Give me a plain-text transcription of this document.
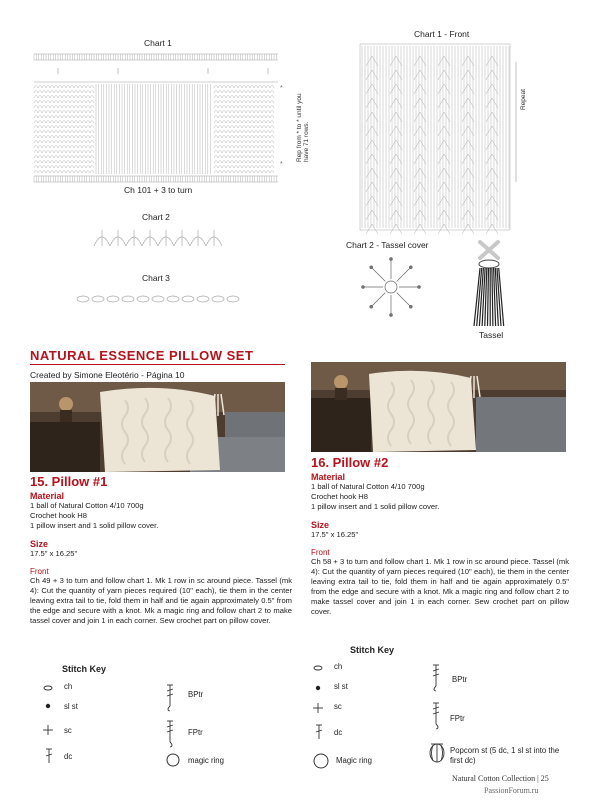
Chart 1
*
*
Rep from * to * until you have 71 rows.
Ch 101 + 3 to turn
Chart 2
Chart 3
Chart 1 - Front
Repeat
Chart 2 - Tassel cover
Tassel
NATURAL ESSENCE PILLOW SET
Created by Simone Eleotério - Página 10
15. Pillow #1
Material
1 ball of Natural Cotton 4/10 700g
Crochet hook H8
1 pillow insert and 1 solid pillow cover.
Size
17.5" x 16.25"
Front
Ch 49 + 3 to turn and follow chart 1. Mk 1 row in sc around piece. Tassel (mk 4): Cut the quantity of yarn pieces required (10" each), tie them in the center leaving extra tail to tie, fold them in half and tie again approximately 0.5" from the edge and secure with a knot. Mk a magic ring and follow chart 2 to make tassel cover and join 1 in each corner. Sew crochet part on pillow cover.
16. Pillow #2
Material
1 ball of Natural Cotton 4/10 700g
Crochet hook H8
1 pillow insert and 1 solid pillow cover.
Size
17.5" x 16.25"
Front
Ch 58 + 3 to turn and follow chart 1. Mk 1 row in sc around piece. Tassel (mk 4): Cut the quantity of yarn pieces required (10" each), tie them in the center leaving extra tail to tie, fold them in half and tie again approximately 0.5" from the edge and secure with a knot. Mk a magic ring and follow chart 2 to make tassel cover and join 1 in each corner. Sew crochet part on pillow cover.
Stitch Key
ch
sl st
sc
dc
BPtr
FPtr
magic ring
Stitch Key
ch
sl st
sc
dc
Magic ring
BPtr
FPtr
Popcorn st (5 dc, 1 sl st into the first dc)
Natural Cotton Collection | 25
PassionForum.ru
